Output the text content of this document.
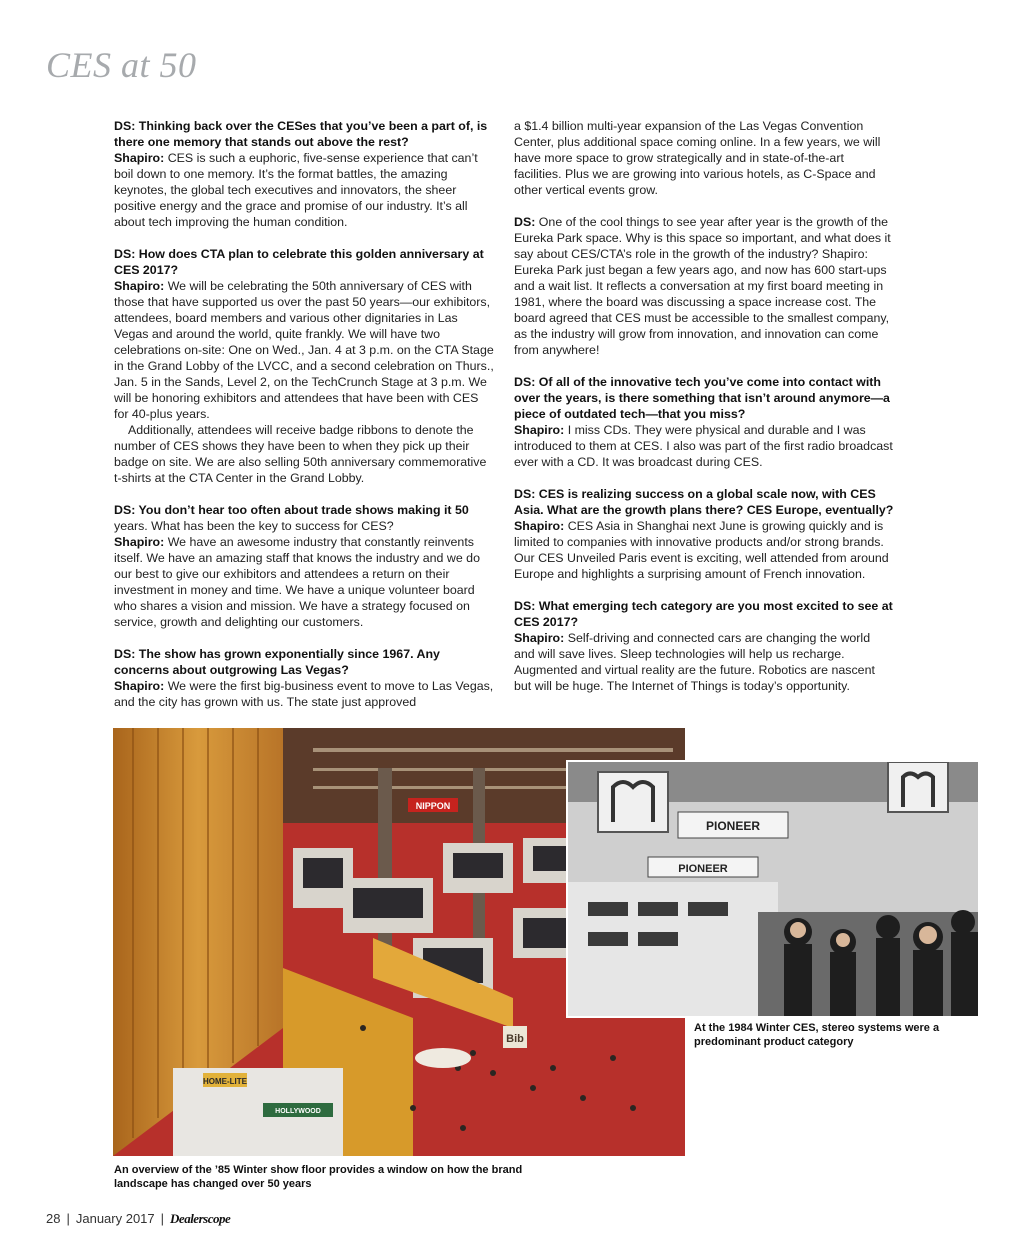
CES at 50
DS: Thinking back over the CESes that you’ve been a part of, is there one memory that stands out above the rest?
Shapiro: CES is such a euphoric, five-sense experience that can’t boil down to one memory. It’s the format battles, the amazing keynotes, the global tech executives and innovators, the sheer positive energy and the grace and promise of our industry. It’s all about tech improving the human condition.
DS: How does CTA plan to celebrate this golden anniversary at CES 2017?
Shapiro: We will be celebrating the 50th anniversary of CES with those that have supported us over the past 50 years—our exhibitors, attendees, board members and various other dignitaries in Las Vegas and around the world, quite frankly. We will have two celebrations on-site: One on Wed., Jan. 4 at 3 p.m. on the CTA Stage in the Grand Lobby of the LVCC, and a second celebration on Thurs., Jan. 5 in the Sands, Level 2, on the TechCrunch Stage at 3 p.m. We will be honoring exhibitors and attendees that have been with CES for 40-plus years.

Additionally, attendees will receive badge ribbons to denote the number of CES shows they have been to when they pick up their badge on site. We are also selling 50th anniversary commemorative t-shirts at the CTA Center in the Grand Lobby.

DS: You don’t hear too often about trade shows making it 50 years. What has been the key to success for CES?
Shapiro: We have an awesome industry that constantly reinvents itself. We have an amazing staff that knows the industry and we do our best to give our exhibitors and attendees a return on their investment in money and time. We have a unique volunteer board who shares a vision and mission. We have a strategy focused on service, growth and delighting our customers.
DS: The show has grown exponentially since 1967. Any concerns about outgrowing Las Vegas?
Shapiro: We were the first big-business event to move to Las Vegas, and the city has grown with us. The state just approved
a $1.4 billion multi-year expansion of the Las Vegas Convention Center, plus additional space coming online. In a few years, we will have more space to grow strategically and in state-of-the-art facilities. Plus we are growing into various hotels, as C-Space and other vertical events grow.
DS: One of the cool things to see year after year is the growth of the Eureka Park space. Why is this space so important, and what does it say about CES/CTA’s role in the growth of the industry? Shapiro: Eureka Park just began a few years ago, and now has 600 start-ups and a wait list. It reflects a conversation at my first board meeting in 1981, where the board was discussing a space increase cost. The board agreed that CES must be accessible to the smallest company, as the industry will grow from innovation, and innovation can come from anywhere!
DS: Of all of the innovative tech you’ve come into contact with over the years, is there something that isn’t around anymore—a piece of outdated tech—that you miss?
Shapiro: I miss CDs. They were physical and durable and I was introduced to them at CES. I also was part of the first radio broadcast ever with a CD. It was broadcast during CES.
DS: CES is realizing success on a global scale now, with CES Asia. What are the growth plans there? CES Europe, eventually?
Shapiro: CES Asia in Shanghai next June is growing quickly and is limited to companies with innovative products and/or strong brands. Our CES Unveiled Paris event is exciting, well attended from around Europe and highlights a surprising amount of French innovation.
DS: What emerging tech category are you most excited to see at CES 2017?
Shapiro: Self-driving and connected cars are changing the world and will save lives. Sleep technologies will help us recharge. Augmented and virtual reality are the future. Robotics are nascent but will be huge. The Internet of Things is today’s opportunity.
NIPPON
Bib
HOME-LITE
HOLLYWOOD
PIONEER
PIONEER
An overview of the ’85 Winter show floor provides a window on how the brand landscape has changed over 50 years
At the 1984 Winter CES, stereo systems were a predominant product category
28 | January 2017 | Dealerscope
